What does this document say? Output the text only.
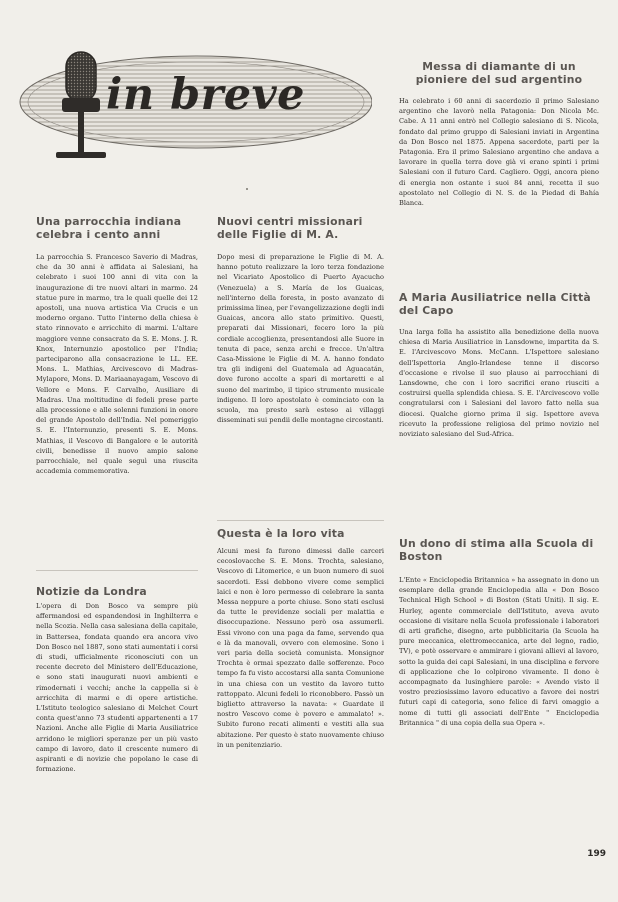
in breve
Messa di diamante di un pioniere del sud argentino
Ha celebrato i 60 anni di sacerdozio il primo Salesiano argentino che lavorò nella Patagonia: Don Nicola Mc. Cabe. A 11 anni entrò nel Collegio salesiano di S. Nicola, fondato dal primo gruppo di Salesiani inviati in Argentina da Don Bosco nel 1875. Appena sacerdote, parti per la Patagonia. Era il primo Salesiano argentino che andava a lavorare in quella terra dove già vi erano spinti i primi Salesiani con il futuro Card. Cagliero. Oggi, ancora pieno di energia non ostante i suoi 84 anni, recetta il suo apostolato nel Collegio di N. S. de la Piedad di Bahía Blanca.
Una parrocchia indiana celebra i cento anni
La parrocchia S. Francesco Saverio di Madras, che da 30 anni è affidata ai Salesiani, ha celebrato i suoi 100 anni di vita con la inaugurazione di tre nuovi altari in marmo. 24 statue pure in marmo, tra le quali quelle dei 12 apostoli, una nuova artistica Via Crucis e un moderno organo. Tutto l'interno della chiesa è stato rinnovato e arricchito di marmi. L'altare maggiore venne consacrato da S. E. Mons. J. R. Knox, Internunzio apostolico per l'India; parteciparono alla consacrazione le LL. EE. Mons. L. Mathias, Arcivescovo di Madras-Mylapore, Mons. D. Mariaanayagam, Vescovo di Vellore e Mons. F. Carvalho, Ausiliare di Madras. Una moltitudine di fedeli prese parte alla processione e alle solenni funzioni in onore del grande Apostolo dell'India. Nel pomeriggio S. E. l'Internunzio, presenti S. E. Mons. Mathias, il Vescovo di Bangalore e le autorità civili, benedisse il nuovo ampio salone parrocchiale, nel quale seguì una riuscita accademia commemorativa.
Nuovi centri missionari delle Figlie di M. A.
Dopo mesi di preparazione le Figlie di M. A. hanno potuto realizzare la loro terza fondazione nel Vicariato Apostolico di Puerto Ayacucho (Venezuela) a S. María de los Guaicas, nell'interno della foresta, in posto avanzato di primissima linea, per l'evangelizzazione degli indi Guaicas, ancora allo stato primitivo. Questi, preparati dai Missionari, fecero loro la più cordiale accoglienza, presentandosi alle Suore in tenuta di pace, senza archi e frecce. Un'altra Casa-Missione le Figlie di M. A. hanno fondato tra gli indigeni del Guatemala ad Aguacatán, dove furono accolte a spari di mortaretti e al suono del marimbo, il tipico strumento musicale indigeno. Il loro apostolato è cominciato con la scuola, ma presto sarà esteso ai villaggi disseminati sui pendii delle montagne circostanti.
A Maria Ausiliatrice nella Città del Capo
Una larga folla ha assistito alla benedizione della nuova chiesa di Maria Ausiliatrice in Lansdowne, impartita da S. E. l'Arcivescovo Mons. McCann. L'Ispettore salesiano dell'Ispettoria Anglo-Irlandese tenne il discorso d'occasione e rivolse il suo plauso ai parrocchiani di Lansdowne, che con i loro sacrifici erano riusciti a costruirsi quella splendida chiesa. S. E. l'Arcivescovo volle congratularsi con i Salesiani del lavoro fatto nella sua diocesi. Qualche giorno prima il sig. Ispettore aveva ricevuto la professione religiosa del primo novizio nel noviziato salesiano del Sud-Africa.
Notizie da Londra
L'opera di Don Bosco va sempre più affermandosi ed espandendosi in Inghilterra e nella Scozia. Nella casa salesiana della capitale, in Battersea, fondata quando era ancora vivo Don Bosco nel 1887, sono stati aumentati i corsi di studi, ufficialmente riconosciuti con un recente decreto del Ministero dell'Educazione, e sono stati inaugurati nuovi ambienti e rimodernati i vecchi; anche la cappella si è arricchita di marmi e di opere artistiche. L'Istituto teologico salesiano di Melchet Court conta quest'anno 73 studenti appartenenti a 17 Nazioni. Anche alle Figlie di Maria Ausiliatrice arridono le migliori speranze per un più vasto campo di lavoro, dato il crescente numero di aspiranti e di novizie che popolano le case di formazione.
Questa è la loro vita
Alcuni mesi fa furono dimessi dalle carceri cecoslovacche S. E. Mons. Trochta, salesiano, Vescovo di Litomerice, e un buon numero di suoi sacerdoti. Essi debbono vivere come semplici laici e non è loro permesso di celebrare la santa Messa neppure a porte chiuse. Sono stati esclusi da tutte le previdenze sociali per malattia e disoccupazione. Nessuno però osa assumerli. Essi vivono con una paga da fame, servendo qua e là da manovali, ovvero con elemosine. Sono i veri paria della società comunista. Monsignor Trochta è ormai spezzato dalle sofferenze. Poco tempo fa fu visto accostarsi alla santa Comunione in una chiesa con un vestito da lavoro tutto rattoppato. Alcuni fedeli lo riconobbero. Passò un biglietto attraverso la navata: « Guardate il nostro Vescovo come è povero e ammalato! ». Subito furono recati alimenti e vestiti alla sua abitazione. Per questo è stato nuovamente chiuso in un penitenziario.
Un dono di stima alla Scuola di Boston
L'Ente « Enciclopedia Britannica » ha assegnato in dono un esemplare della grande Enciclopedia alla « Don Bosco Technical High School » di Boston (Stati Uniti). Il sig. E. Hurley, agente commerciale dell'Istituto, aveva avuto occasione di visitare nella Scuola professionale i laboratori di arti grafiche, disegno, arte pubblicitaria (la Scuola ha pure meccanica, elettromeccanica, arte del legno, radio, TV), e potè osservare e ammirare i giovani allievi al lavoro, sotto la guida dei capi Salesiani, in una disciplina e fervore di applicazione che lo colpirono vivamente. Il dono è accompagnato da lusinghiere parole: « Avendo visto il vostro preziosissimo lavoro educativo a favore dei nostri futuri capi di categoria, sono felice di farvi omaggio a nome di tutti gli associati dell'Ente " Enciclopedia Britannica " di una copia della sua Opera ».
199
